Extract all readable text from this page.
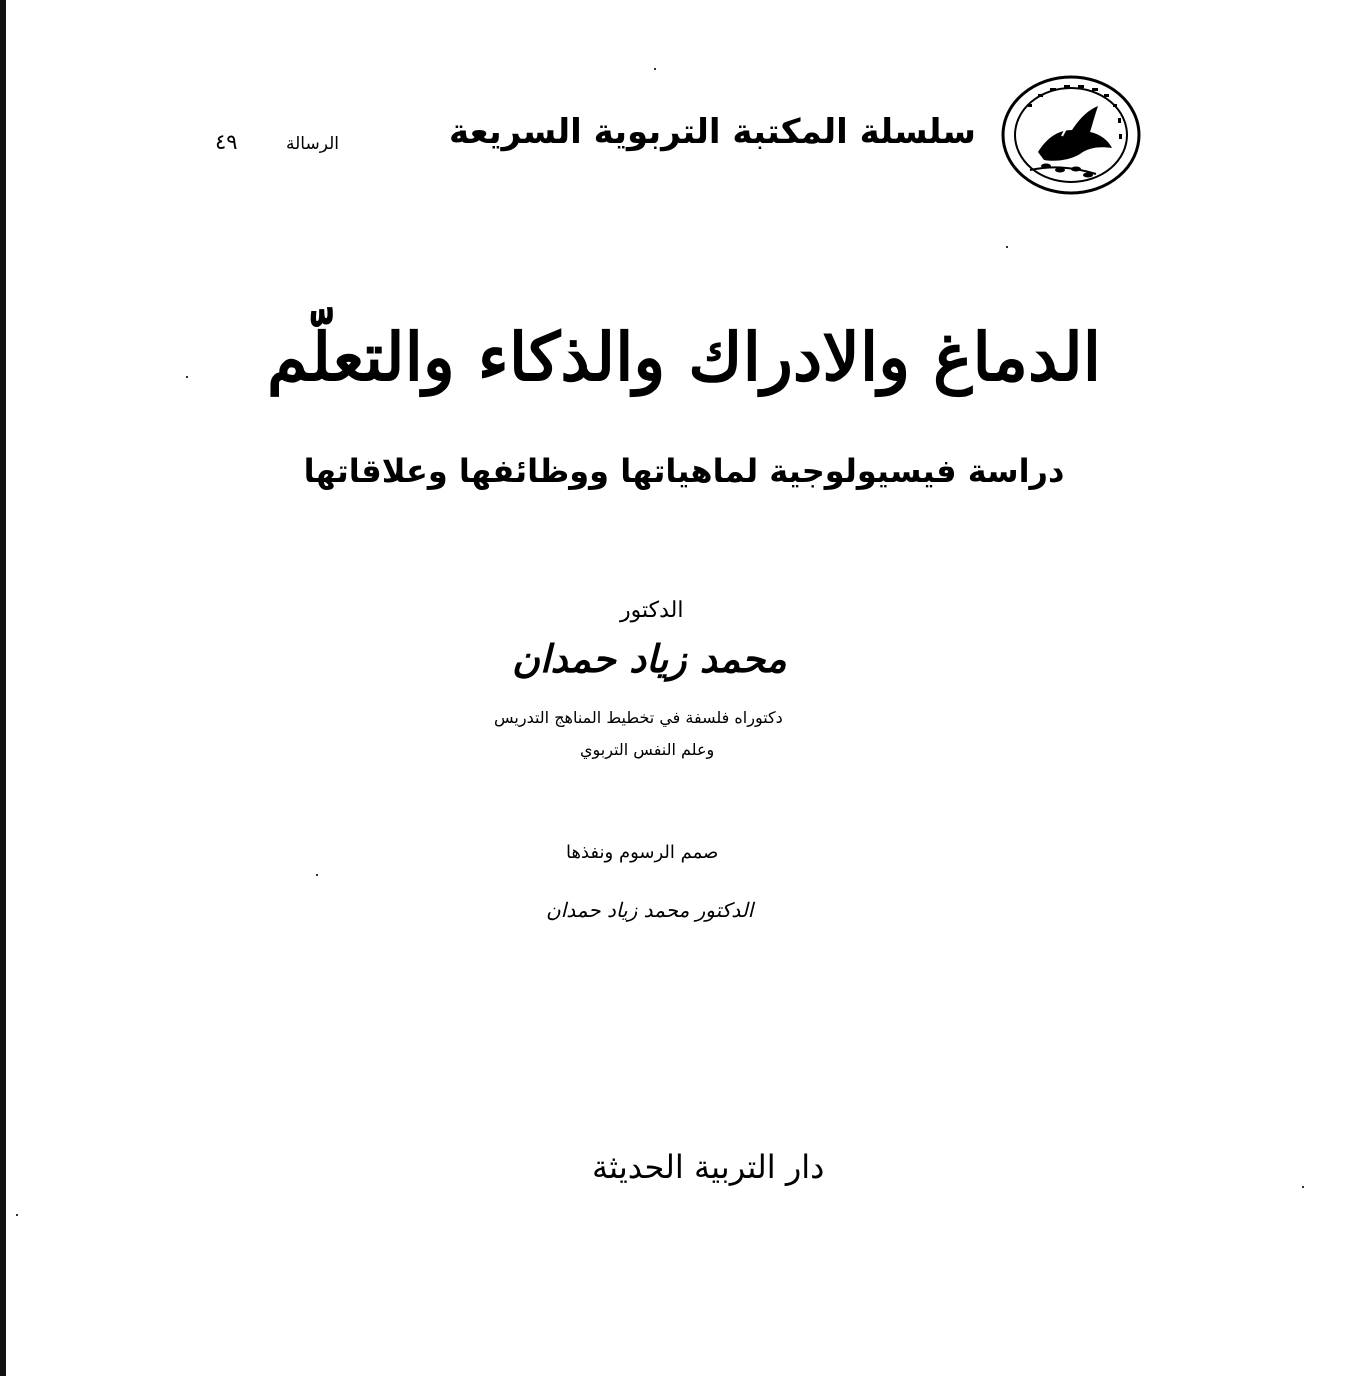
سلسلة المكتبة التربوية السريعة
الرسالة
٤٩
الدماغ والادراك والذكاء والتعلّم
دراسة فيسيولوجية لماهياتها ووظائفها وعلاقاتها
الدكتور
محمد زياد حمدان
دكتوراه فلسفة في تخطيط المناهج التدريس
وعلم النفس التربوي
صمم الرسوم ونفذها
الدكتور محمد زياد حمدان
دار التربية الحديثة
